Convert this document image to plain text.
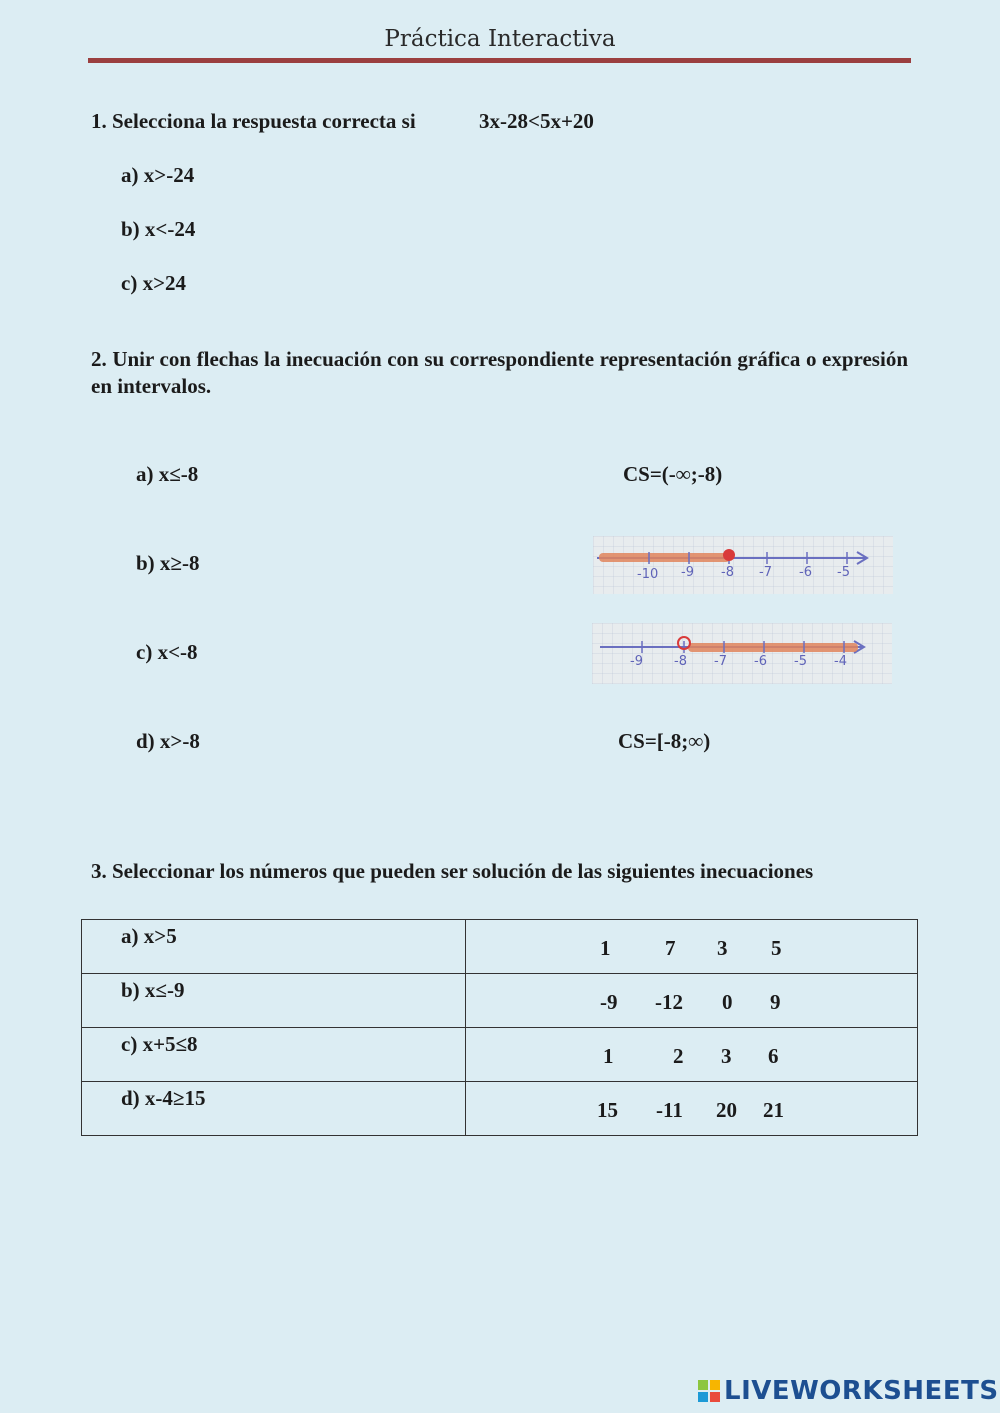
Práctica Interactiva
1. Selecciona la respuesta correcta si	3x-28<5x+20
a) x>-24
b) x<-24
c) x>24
2. Unir con flechas la inecuación con su correspondiente representación gráfica o expresión en intervalos.
a) x≤-8
b) x≥-8
c) x<-8
d) x>-8
CS=(-∞;-8)
-10 -9 -8 -7 -6 -5
-9 -8 -7 -6 -5 -4
CS=[-8;∞)
3. Seleccionar los números que pueden ser solución de las siguientes inecuaciones
a) x>5	1 7 3 5

b) x≤-9	-9 -12 0 9

c) x+5≤8	1 2 3 6

d) x-4≥15	15 -11 20 21
LIVEWORKSHEETS
